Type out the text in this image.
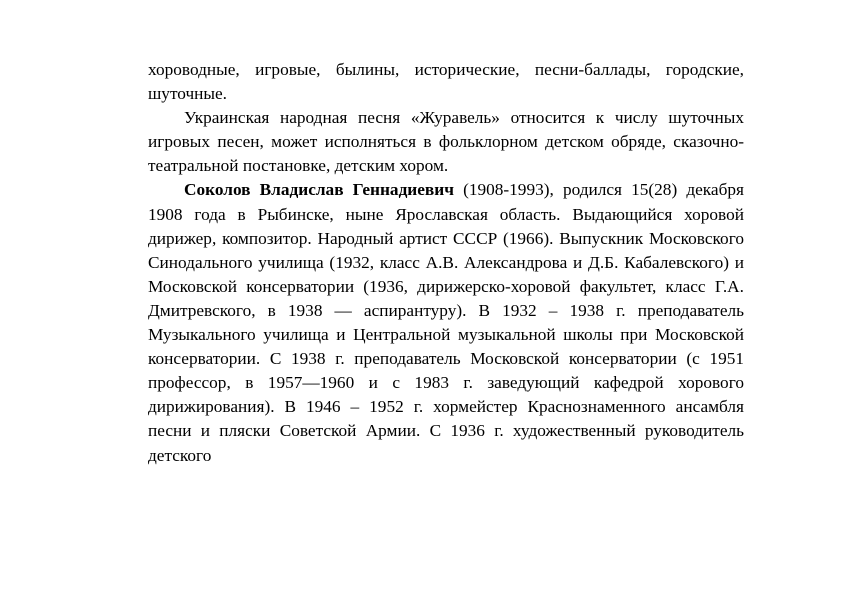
хороводные, игровые, былины, исторические, песни-баллады, городские, шуточные.

Украинская народная песня «Журавель» относится к числу шуточных игровых песен, может исполняться в фольклорном детском обряде, сказочно-театральной постановке, детским хором.

Соколов Владислав Геннадиевич (1908-1993), родился 15(28) декабря 1908 года в Рыбинске, ныне Ярославская область. Выдающийся хоровой дирижер, композитор. Народный артист СССР (1966). Выпускник Московского Синодального училища (1932, класс А.В. Александрова и Д.Б. Кабалевского) и Московской консерватории (1936, дирижерско-хоровой факультет, класс Г.А. Дмитревского, в 1938 — аспирантуру). В 1932 – 1938 г. преподаватель Музыкального училища и Центральной музыкальной школы при Московской консерватории. С 1938 г. преподаватель Московской консерватории (с 1951 профессор, в 1957—1960 и с 1983 г. заведующий кафедрой хорового дирижирования). В 1946 – 1952 г. хормейстер Краснознаменного ансамбля песни и пляски Советской Армии. С 1936 г. художественный руководитель детского
